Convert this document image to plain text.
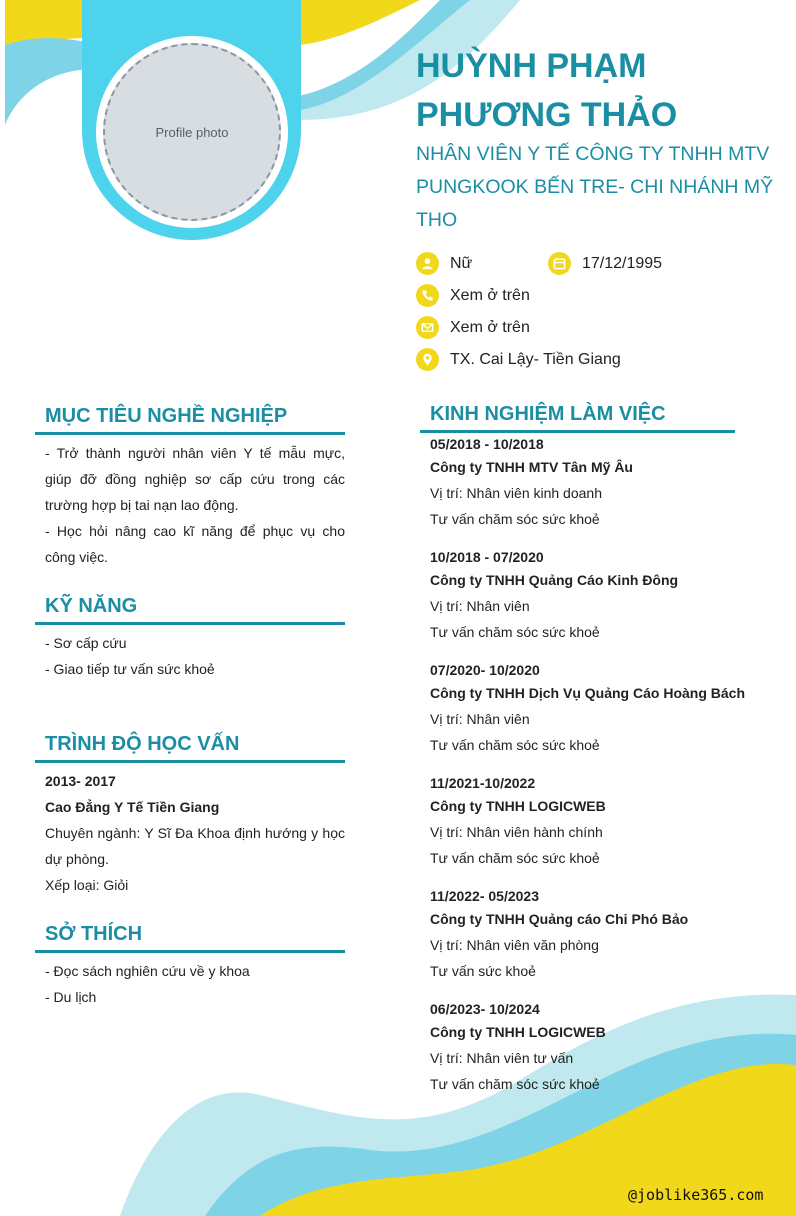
Profile photo
HUỲNH PHẠM
PHƯƠNG THẢO
NHÂN VIÊN Y TẾ CÔNG TY TNHH MTV
PUNGKOOK BẾN TRE- CHI NHÁNH MỸ
THO
Nữ	17/12/1995
Xem ở trên
Xem ở trên
TX. Cai Lậy- Tiền Giang
MỤC TIÊU NGHỀ NGHIỆP
- Trở thành người nhân viên Y tế mẫu mực, giúp đỡ đồng nghiệp sơ cấp cứu trong các trường hợp bị tai nạn lao động.
- Học hỏi nâng cao kĩ năng để phục vụ cho công việc.
KỸ NĂNG
- Sơ cấp cứu
- Giao tiếp tư vấn sức khoẻ
TRÌNH ĐỘ HỌC VẤN
2013- 2017
Cao Đẳng Y Tế Tiền Giang
Chuyên ngành: Y Sĩ Đa Khoa định hướng y học dự phòng.
Xếp loại: Giỏi
SỞ THÍCH
- Đọc sách nghiên cứu về y khoa
- Du lịch
KINH NGHIỆM LÀM VIỆC
05/2018 - 10/2018
Công ty TNHH MTV Tân Mỹ Âu
Vị trí: Nhân viên kinh doanh
Tư vấn chăm sóc sức khoẻ
10/2018 - 07/2020
Công ty TNHH Quảng Cáo Kinh Đông
Vị trí: Nhân viên
Tư vấn chăm sóc sức khoẻ
07/2020- 10/2020
Công ty TNHH Dịch Vụ Quảng Cáo Hoàng Bách
Vị trí: Nhân viên
Tư vấn chăm sóc sức khoẻ
11/2021-10/2022
Công ty TNHH LOGICWEB
Vị trí: Nhân viên hành chính
Tư vấn chăm sóc sức khoẻ
11/2022- 05/2023
Công ty TNHH Quảng cáo Chi Phó Bảo
Vị trí: Nhân viên văn phòng
Tư vấn sức khoẻ
06/2023- 10/2024
Công ty TNHH LOGICWEB
Vị trí: Nhân viên tư vấn
Tư vấn chăm sóc sức khoẻ
@joblike365.com
